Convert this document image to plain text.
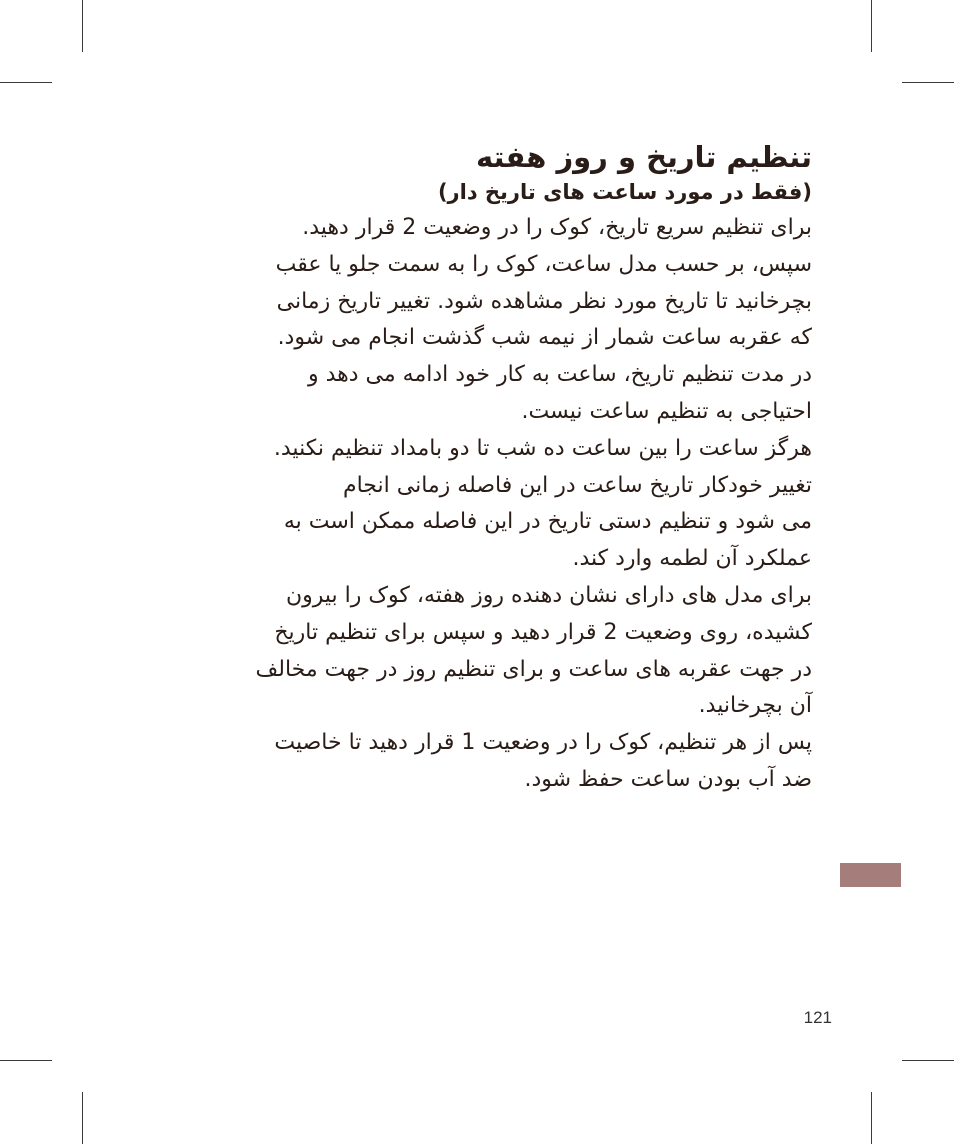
تنظیم تاریخ و روز هفته
(فقط در مورد ساعت های تاریخ دار)
برای تنظیم سریع تاریخ، کوک را در وضعیت 2 قرار دهید.
سپس، بر حسب مدل ساعت، کوک را به سمت جلو یا عقب
بچرخانید تا تاریخ مورد نظر مشاهده شود. تغییر تاریخ زمانی
که عقربه ساعت شمار از نیمه شب گذشت انجام می شود.
در مدت تنظیم تاریخ، ساعت به کار خود ادامه می دهد و
احتیاجی به تنظیم ساعت نیست.
هرگز ساعت را بین ساعت ده شب تا دو بامداد تنظیم نکنید.
تغییر خودکار تاریخ ساعت در این فاصله زمانی انجام
می شود و تنظیم دستی تاریخ در این فاصله ممکن است به
عملکرد آن لطمه وارد کند.
برای مدل های دارای نشان دهنده روز هفته، کوک را بیرون
کشیده، روی وضعیت 2 قرار دهید و سپس برای تنظیم تاریخ
در جهت عقربه های ساعت و برای تنظیم روز در جهت مخالف
آن بچرخانید.
پس از هر تنظیم، کوک را در وضعیت 1 قرار دهید تا خاصیت
ضد آب بودن ساعت حفظ شود.
121
